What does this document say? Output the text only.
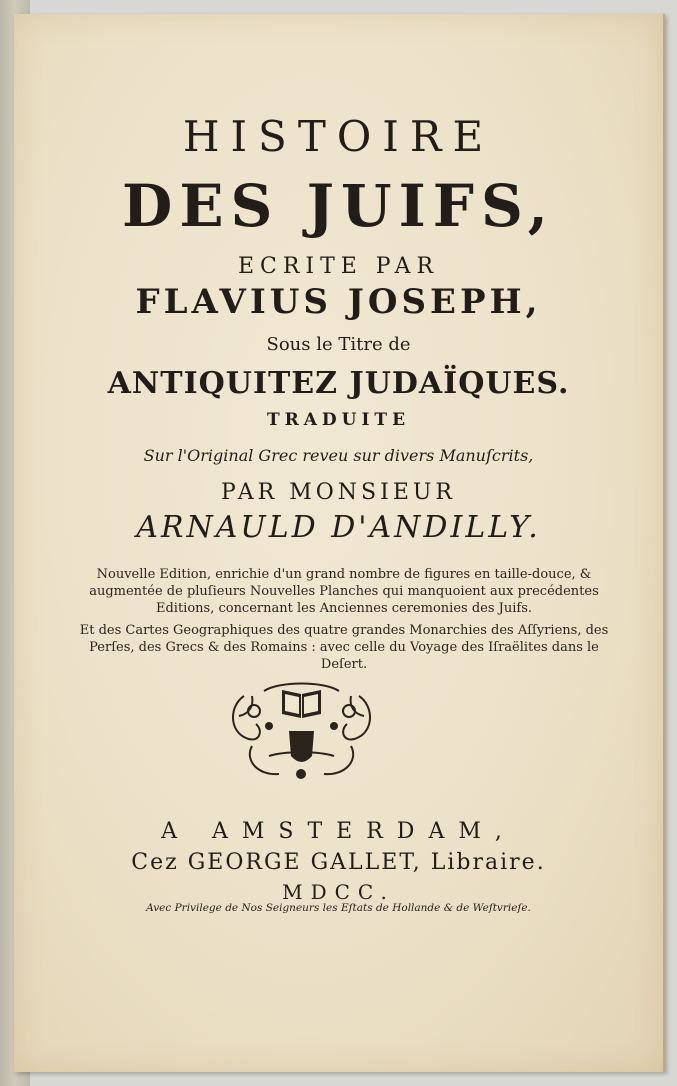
HISTOIRE
DES JUIFS,
ECRITE PAR
FLAVIUS JOSEPH,
Sous le Titre de
ANTIQUITEZ JUDAÏQUES.
TRADUITE
Sur l'Original Grec reveu sur divers Manuſcrits,
PAR MONSIEUR
ARNAULD D'ANDILLY.
Nouvelle Edition, enrichie d'un grand nombre de figures en taille-douce, & augmentée de pluſieurs Nouvelles Planches qui manquoient aux precédentes Editions, concernant les Anciennes ceremonies des Juifs.
Et des Cartes Geographiques des quatre grandes Monarchies des Aſſyriens, des Perſes, des Grecs & des Romains : avec celle du Voyage des Iſraëlites dans le Deſert.
A AMSTERDAM,
Cez GEORGE GALLET, Libraire.
MDCC.
Avec Privilege de Nos Seigneurs les Eſtats de Hollande & de Weſtvrieſe.
